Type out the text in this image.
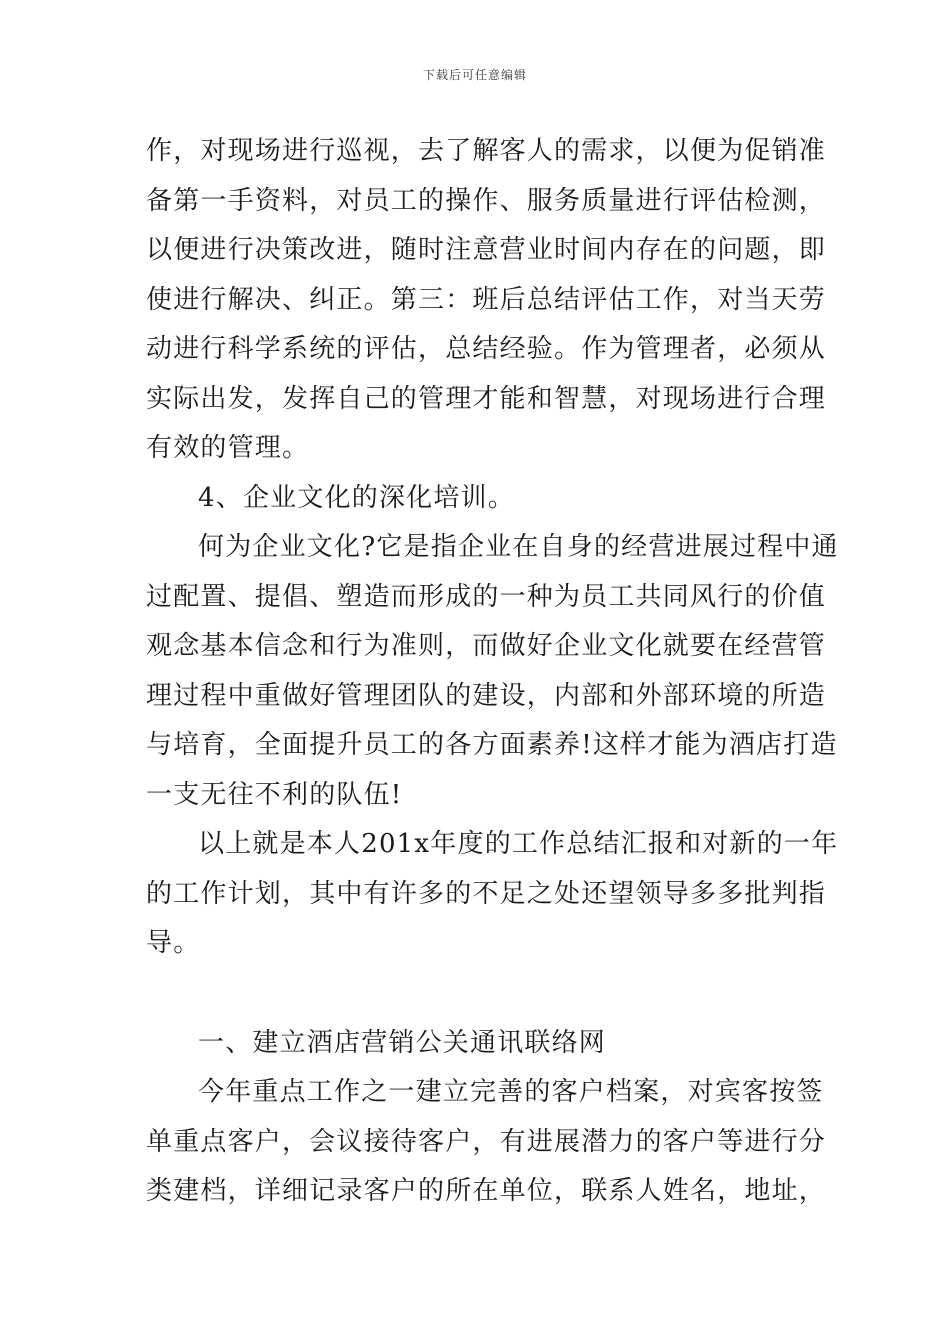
下载后可任意编辑
作，对现场进行巡视，去了解客人的需求，以便为促销准
备第一手资料，对员工的操作、服务质量进行评估检测，
以便进行决策改进，随时注意营业时间内存在的问题，即
使进行解决、纠正。第三：班后总结评估工作，对当天劳
动进行科学系统的评估，总结经验。作为管理者，必须从
实际出发，发挥自己的管理才能和智慧，对现场进行合理
有效的管理。
4、企业文化的深化培训。
何为企业文化?它是指企业在自身的经营进展过程中通
过配置、提倡、塑造而形成的一种为员工共同风行的价值
观念基本信念和行为准则，而做好企业文化就要在经营管
理过程中重做好管理团队的建设，内部和外部环境的所造
与培育，全面提升员工的各方面素养!这样才能为酒店打造
一支无往不利的队伍!
以上就是本人201x年度的工作总结汇报和对新的一年
的工作计划，其中有许多的不足之处还望领导多多批判指
导。
一、建立酒店营销公关通讯联络网
今年重点工作之一建立完善的客户档案，对宾客按签
单重点客户，会议接待客户，有进展潜力的客户等进行分
类建档，详细记录客户的所在单位，联系人姓名，地址，
